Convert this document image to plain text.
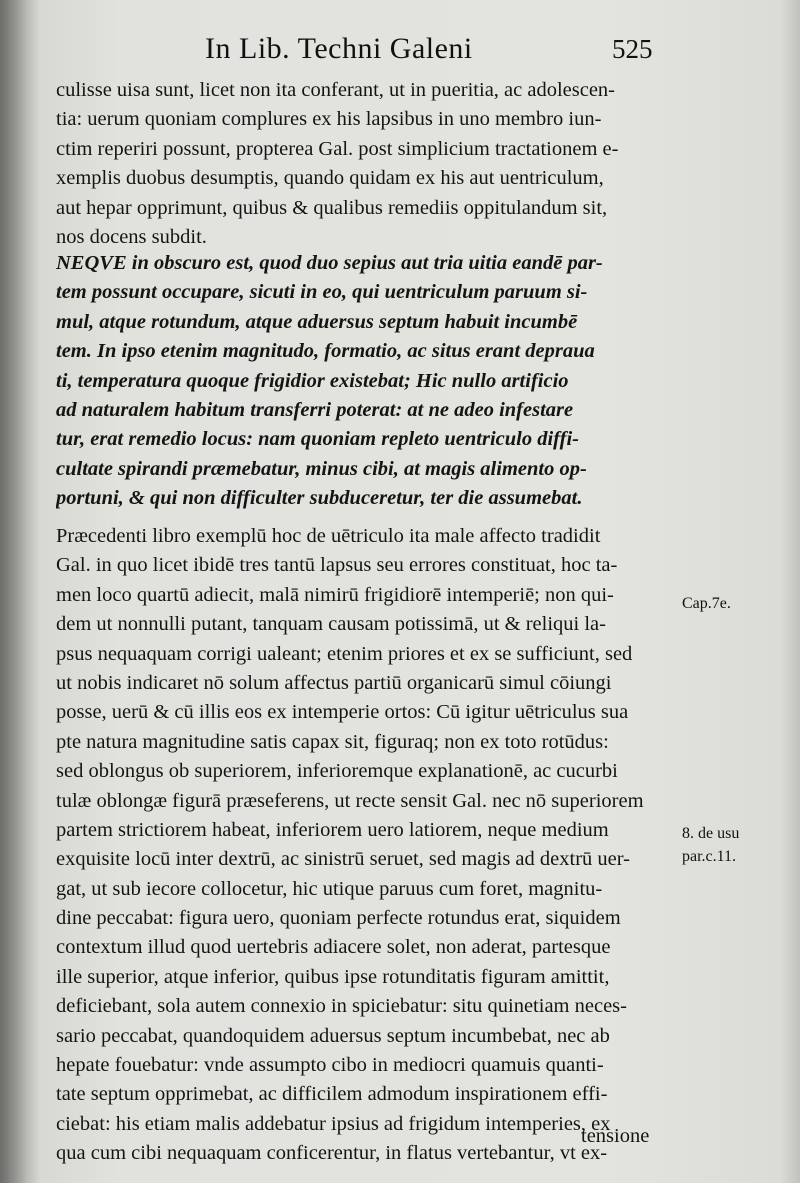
In Lib. Techni Galeni	525
culisse uisa sunt, licet non ita conferant, ut in pueritia, ac adolescen-
tia: uerum quoniam complures ex his lapsibus in uno membro iun-
ctim reperiri possunt, propterea Gal. post simplicium tractationem e-
xemplis duobus desumptis, quando quidam ex his aut uentriculum,
aut hepar opprimunt, quibus & qualibus remediis oppitulandum sit,
nos docens subdit.
NEQVE in obscuro est, quod duo sepius aut tria uitia eandē par-
tem possunt occupare, sicuti in eo, qui uentriculum paruum si-
mul, atque rotundum, atque aduersus septum habuit incumbē
tem. In ipso etenim magnitudo, formatio, ac situs erant deprauа
ti, temperatura quoque frigidior existebat; Hic nullo artificio
ad naturalem habitum transferri poterat: at ne adeo infestare
tur, erat remedio locus: nam quoniam repleto uentriculo diffi-
cultate spirandi præmebatur, minus cibi, at magis alimento op-
portuni, & qui non difficulter subduceretur, ter die assumebat.
Præcedenti libro exemplū hoc de uētriculo ita male affecto tradidit
Gal. in quo licet ibidē tres tantū lapsus seu errores constituat, hoc ta-
men loco quartū adiecit, malā nimirū frigidiorē intemperiē; non qui-
dem ut nonnulli putant, tanquam causam potissimā, ut & reliqui la-
psus nequaquam corrigi ualeant; etenim priores et ex se sufficiunt, sed
ut nobis indicaret nō solum affectus partiū organicarū simul cōiungi
posse, uerū & cū illis eos ex intemperie ortos: Cū igitur uētriculus sua
pte natura magnitudine satis capax sit, figuraq; non ex toto rotūdus:
sed oblongus ob superiorem, inferioremque explanationē, ac cucurbi
tulæ oblongæ figurā præseferens, ut recte sensit Gal. nec nō superiorem
partem strictiorem habeat, inferiorem uero latiorem, neque medium
exquisite locū inter dextrū, ac sinistrū seruet, sed magis ad dextrū uer-
gat, ut sub iecore collocetur, hic utique paruus cum foret, magnitu-
dine peccabat: figura uero, quoniam perfecte rotundus erat, siquidem
contextum illud quod uertebris adiacere solet, non aderat, partesque
ille superior, atque inferior, quibus ipse rotunditatis figuram amittit,
deficiebant, sola autem connexio in spiciebatur: situ quinetiam neces-
sario peccabat, quandoquidem aduersus septum incumbebat, nec ab
hepate fouebatur: vnde assumpto cibo in mediocri quamuis quanti-
tate septum opprimebat, ac difficilem admodum inspirationem effi-
ciebat: his etiam malis addebatur ipsius ad frigidum intemperies, ex
qua cum cibi nequaquam conficerentur, in flatus vertebantur, vt ex-
tensione
Cap.7e.
8. de usu
par.c.11.
